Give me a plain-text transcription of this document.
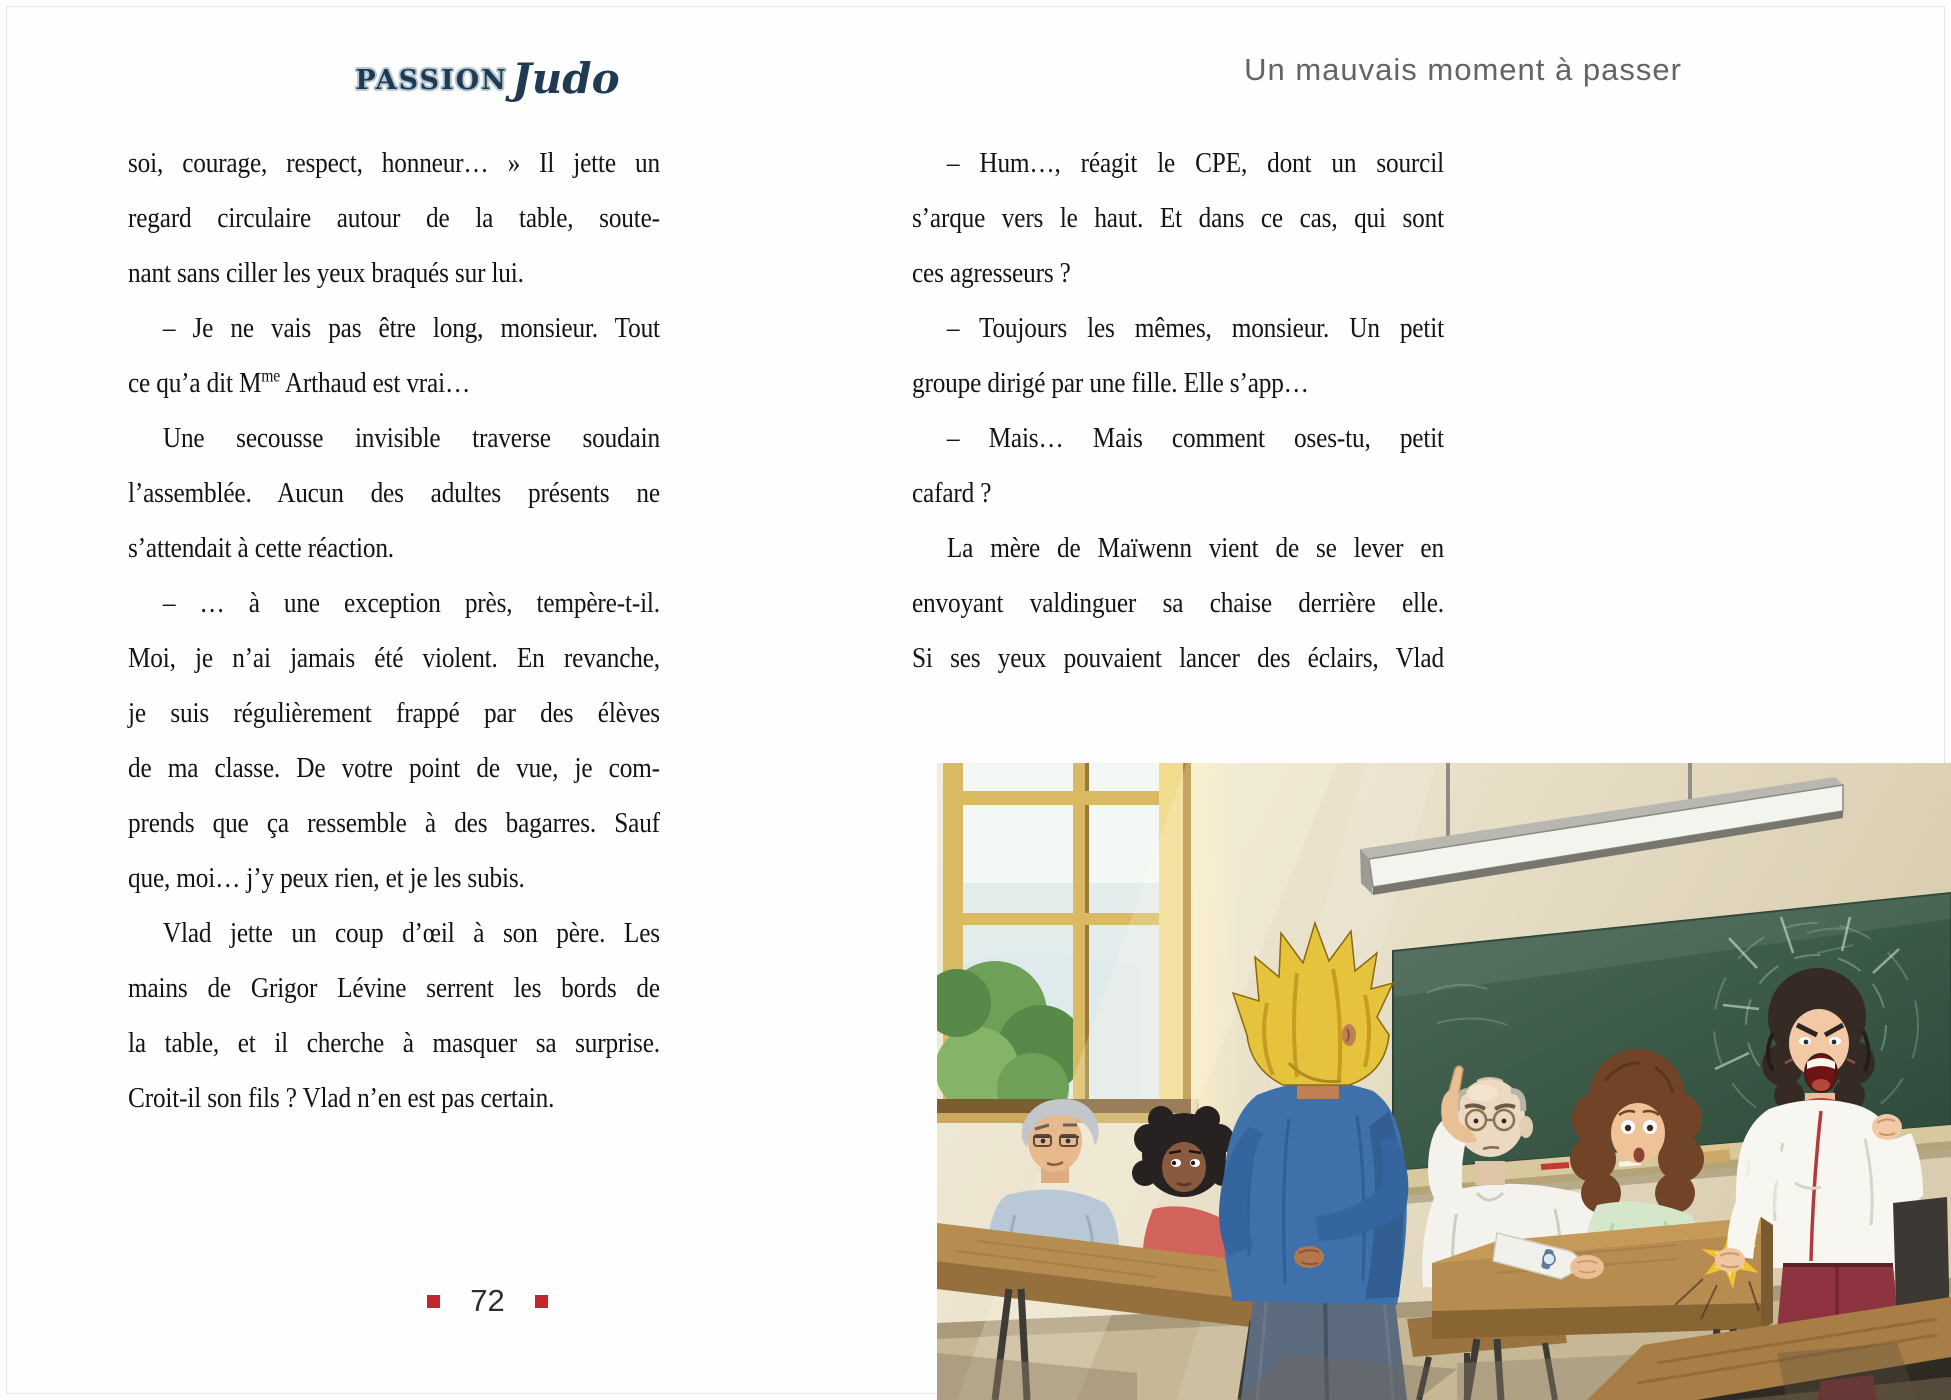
PASSIONJudo	Un mauvais moment à passer

soi, courage, respect, honneur… » Il jette un

regard circulaire autour de la table, soute-

nant sans ciller les yeux braqués sur lui.

– Je ne vais pas être long, monsieur. Tout

ce qu’a dit $M^{me}$ Arthaud est vrai…

Une secousse invisible traverse soudain

l’assemblée. Aucun des adultes présents ne

s’attendait à cette réaction.

– … à une exception près, tempère-t-il.

Moi, je n’ai jamais été violent. En revanche,

je suis régulièrement frappé par des élèves

de ma classe. De votre point de vue, je com-

prends que ça ressemble à des bagarres. Sauf

que, moi… j’y peux rien, et je les subis.

Vlad jette un coup d’œil à son père. Les

mains de Grigor Lévine serrent les bords de

la table, et il cherche à masquer sa surprise.

Croit-il son fils ? Vlad n’en est pas certain.

– Hum…, réagit le CPE, dont un sourcil

s’arque vers le haut. Et dans ce cas, qui sont

ces agresseurs ?

– Toujours les mêmes, monsieur. Un petit

groupe dirigé par une fille. Elle s’app…

– Mais… Mais comment oses-tu, petit

cafard ?

La mère de Maïwenn vient de se lever en

envoyant valdinguer sa chaise derrière elle.

Si ses yeux pouvaient lancer des éclairs, Vlad

72
